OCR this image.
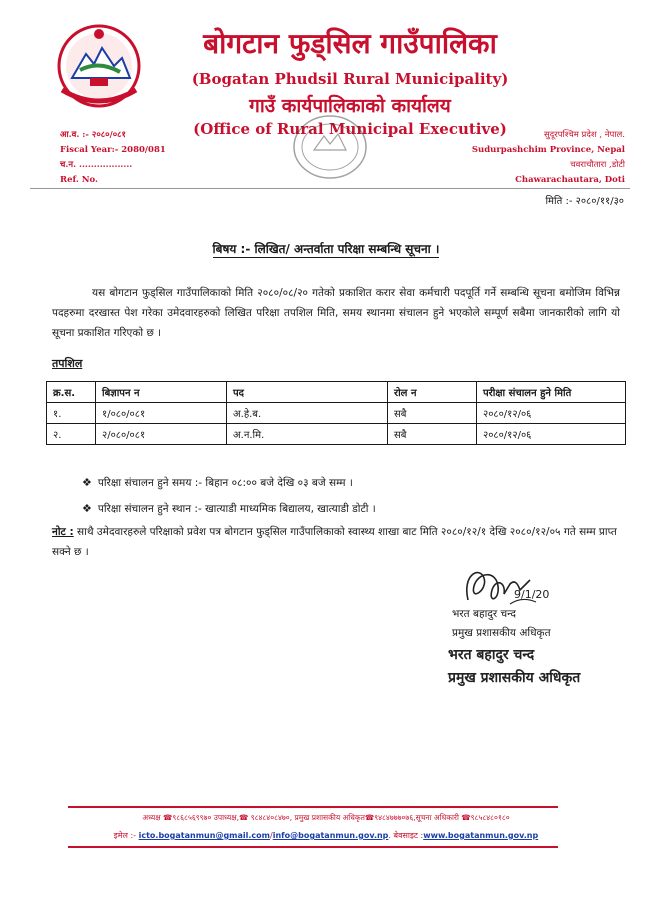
बोगटान फुड्सिल गाउँपालिका
(Bogatan Phudsil Rural Municipality)
गाउँ कार्यपालिकाको कार्यालय
(Office of Rural Municipal Executive)
आ.व. :- २०८०/०८१
Fiscal Year:- 2080/081
च.न. ..................
Ref. No.
सुदूरपश्चिम प्रदेश , नेपाल.
Sudurpashchim Province, Nepal
चवराचौतारा ,डोटी
Chawarachautara, Doti
मिति :- २०८०/११/३०
बिषय :- लिखित/ अन्तर्वाता परिक्षा सम्बन्धि सूचना ।
यस बोगटान फुड्सिल गाउँपालिकाको मिति २०८०/०८/२० गतेको प्रकाशित करार सेवा कर्मचारी पदपूर्ति गर्ने सम्बन्धि सूचना बमोजिम विभिन्न पदहरुमा दरखास्त पेश गरेका उमेदवारहरुको लिखित परिक्षा तपशिल मिति, समय स्थानमा संचालन हुने भएकोले सम्पूर्ण सबैमा जानकारीको लागि यो सूचना प्रकाशित गरिएको छ ।
तपशिल
क्र.स.	बिज्ञापन न	पद	रोल न	परीक्षा संचालन हुने मिति
१.	१/०८०/०८१	अ.हे.ब.	सबै	२०८०/१२/०६
२.	२/०८०/०८१	अ.न.मि.	सबै	२०८०/१२/०६
❖ परिक्षा संचालन हुने समय :- बिहान ०८:०० बजे देखि ०३ बजे सम्म ।
❖ परिक्षा संचालन हुने स्थान :- खात्याडी माध्यमिक बिद्यालय, खात्याडी डोटी ।
नोट : साथै उमेदवारहरुले परिक्षाको प्रवेश पत्र बोगटान फुड्सिल गाउँपालिकाको स्वास्थ्य शाखा बाट मिति २०८०/१२/१ देखि २०८०/१२/०५ गते सम्म प्राप्त सक्ने छ ।
9/1/20
भरत बहादुर चन्द
प्रमुख प्रशासकीय अधिकृत
भरत बहादुर चन्द
प्रमुख प्रशासकीय अधिकृत
अध्यक्ष ☎९८६८५६९९७० उपाध्यक्ष,☎ ९८४८४०८४७०, प्रमुख प्रशासकीय अधिकृत☎९४८४७७७०७६,सूचना अधिकारी ☎९८५८४८०१८०
इमेल :- icto.bogatanmun@gmail.com/info@bogatanmun.gov.np. बेवसाइट :www.bogatanmun.gov.np
